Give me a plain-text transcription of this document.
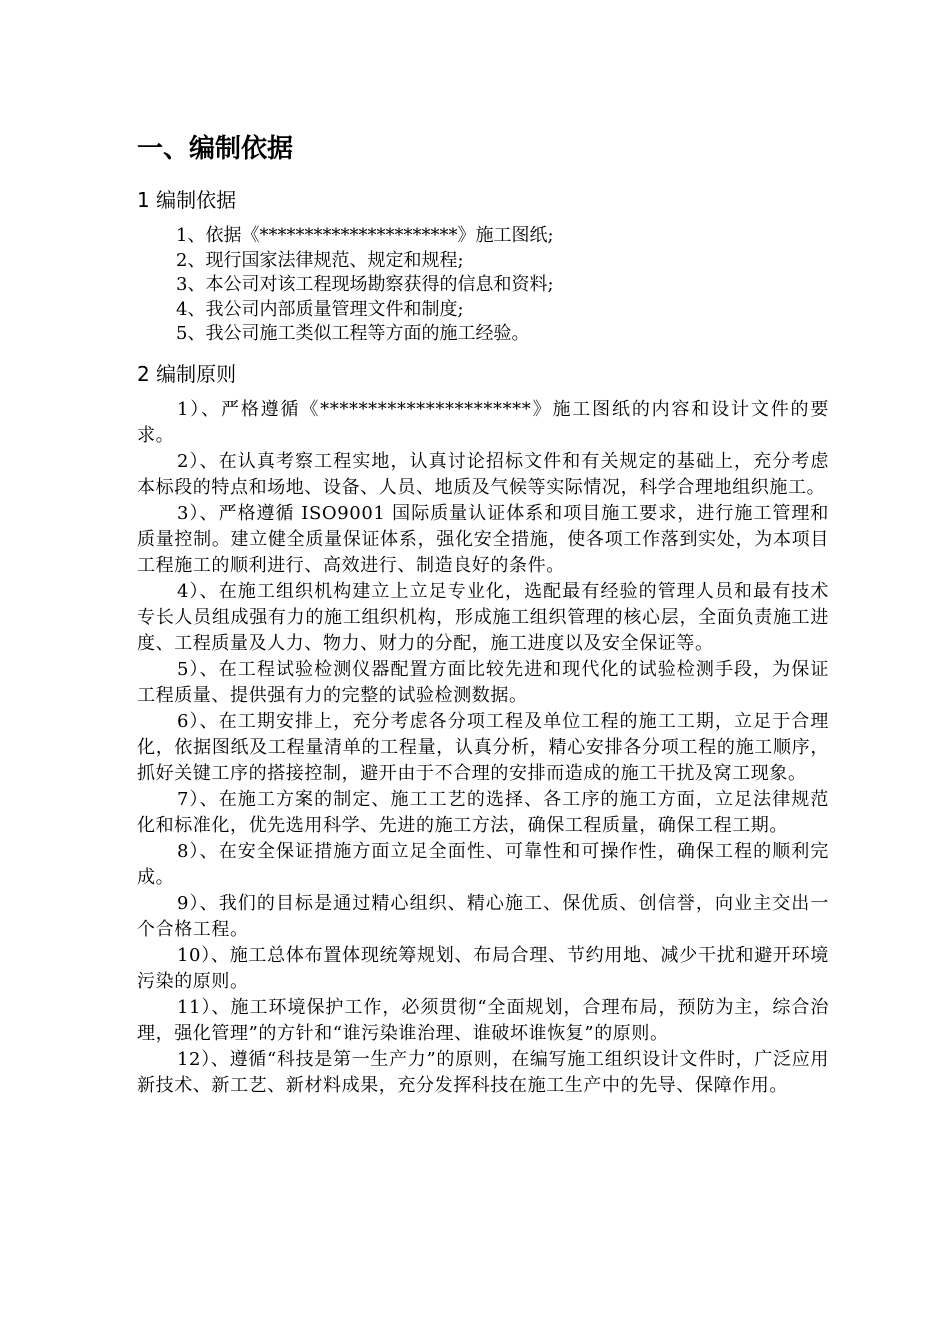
一、编制依据
1 编制依据
1、依据《**********************》施工图纸;
2、现行国家法律规范、规定和规程;
3、本公司对该工程现场勘察获得的信息和资料;
4、我公司内部质量管理文件和制度;
5、我公司施工类似工程等方面的施工经验。
2 编制原则

1）、严格遵循《**********************》施工图纸的内容和设计文件的要求。

2）、在认真考察工程实地，认真讨论招标文件和有关规定的基础上，充分考虑本标段的特点和场地、设备、人员、地质及气候等实际情况，科学合理地组织施工。

3）、严格遵循 ISO9001 国际质量认证体系和项目施工要求，进行施工管理和质量控制。建立健全质量保证体系，强化安全措施，使各项工作落到实处，为本项目工程施工的顺利进行、高效进行、制造良好的条件。

4）、在施工组织机构建立上立足专业化，选配最有经验的管理人员和最有技术专长人员组成强有力的施工组织机构，形成施工组织管理的核心层，全面负责施工进度、工程质量及人力、物力、财力的分配，施工进度以及安全保证等。

5）、在工程试验检测仪器配置方面比较先进和现代化的试验检测手段，为保证工程质量、提供强有力的完整的试验检测数据。

6）、在工期安排上，充分考虑各分项工程及单位工程的施工工期，立足于合理化，依据图纸及工程量清单的工程量，认真分析，精心安排各分项工程的施工顺序，抓好关键工序的搭接控制，避开由于不合理的安排而造成的施工干扰及窝工现象。

7）、在施工方案的制定、施工工艺的选择、各工序的施工方面，立足法律规范化和标准化，优先选用科学、先进的施工方法，确保工程质量，确保工程工期。

8）、在安全保证措施方面立足全面性、可靠性和可操作性，确保工程的顺利完成。

9）、我们的目标是通过精心组织、精心施工、保优质、创信誉，向业主交出一个合格工程。

10）、施工总体布置体现统筹规划、布局合理、节约用地、减少干扰和避开环境污染的原则。

11）、施工环境保护工作，必须贯彻“全面规划，合理布局，预防为主，综合治理，强化管理”的方针和“谁污染谁治理、谁破坏谁恢复”的原则。

12）、遵循“科技是第一生产力”的原则，在编写施工组织设计文件时，广泛应用新技术、新工艺、新材料成果，充分发挥科技在施工生产中的先导、保障作用。
